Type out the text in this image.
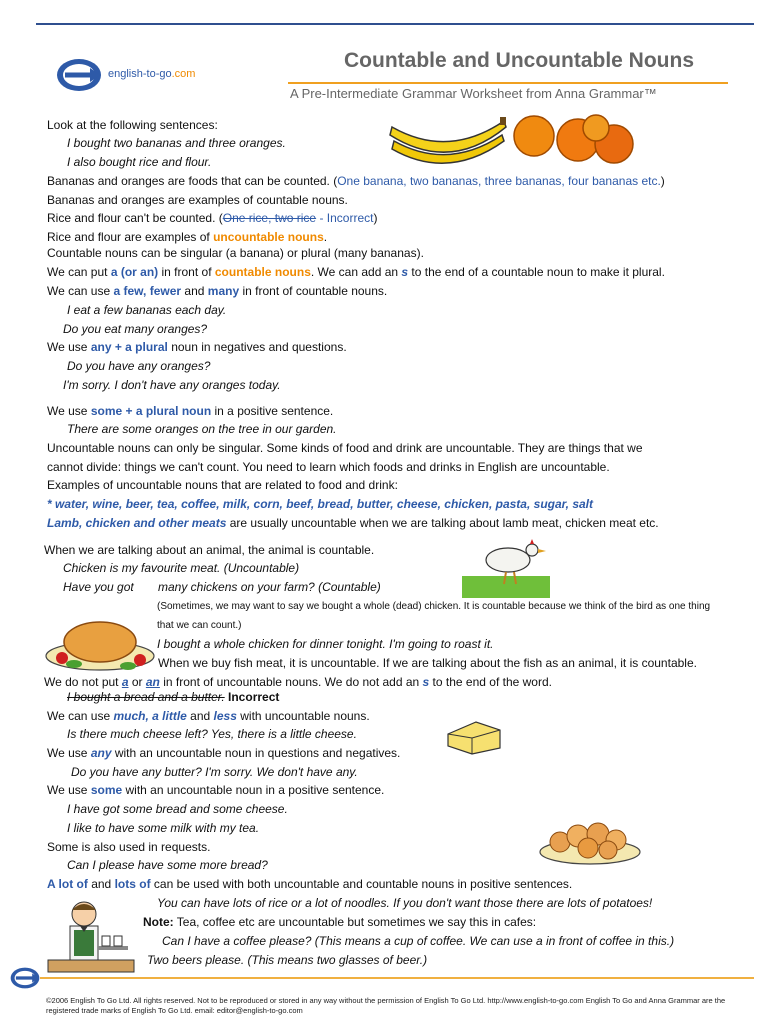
english-to-go.com
Countable and Uncountable Nouns
A Pre-Intermediate Grammar Worksheet from Anna Grammar™
Look at the following sentences:
I bought two bananas and three oranges.
I also bought rice and flour.
Bananas and oranges are foods that can be counted. (One banana, two bananas, three bananas, four bananas etc.)
Bananas and oranges are examples of countable nouns.
Rice and flour can't be counted. (One rice, two rice - Incorrect)
Rice and flour are examples of uncountable nouns.
Countable nouns can be singular (a banana) or plural (many bananas).
We can put a (or an) in front of countable nouns. We can add an s to the end of a countable noun to make it plural.
We can use a few, fewer and many in front of countable nouns.
I eat a few bananas each day.
Do you eat many oranges?
We use any + a plural noun in negatives and questions.
Do you have any oranges?
I'm sorry. I don't have any oranges today.
We use some + a plural noun in a positive sentence.
There are some oranges on the tree in our garden.
Uncountable nouns can only be singular. Some kinds of food and drink are uncountable. They are things that we
cannot divide: things we can't count. You need to learn which foods and drinks in English are uncountable.
Examples of uncountable nouns that are related to food and drink:
* water, wine, beer, tea, coffee, milk, corn, beef, bread, butter, cheese, chicken, pasta, sugar, salt
Lamb, chicken and other meats are usually uncountable when we are talking about lamb meat, chicken meat etc.
When we are talking about an animal, the animal is countable.
Chicken is my favourite meat. (Uncountable)
Have you got many chickens on your farm? (Countable)
(Sometimes, we may want to say we bought a whole (dead) chicken. It is countable because we think of the bird as one thing
that we can count.)
I bought a whole chicken for dinner tonight. I'm going to roast it.
When we buy fish meat, it is uncountable. If we are talking about the fish as an animal, it is countable.
We do not put a or an in front of uncountable nouns. We do not add an s to the end of the word.
I bought a bread and a butter. Incorrect
We can use much, a little and less with uncountable nouns.
Is there much cheese left? Yes, there is a little cheese.
We use any with an uncountable noun in questions and negatives.
Do you have any butter? I'm sorry. We don't have any.
We use some with an uncountable noun in a positive sentence.
I have got some bread and some cheese.
I like to have some milk with my tea.
Some is also used in requests.
Can I please have some more bread?
A lot of and lots of can be used with both uncountable and countable nouns in positive sentences.
You can have lots of rice or a lot of noodles. If you don't want those there are lots of potatoes!
Note: Tea, coffee etc are uncountable but sometimes we say this in cafes:
Can I have a coffee please? (This means a cup of coffee. We can use a in front of coffee in this.)
Two beers please. (This means two glasses of beer.)
©2006 English To Go Ltd. All rights reserved. Not to be reproduced or stored in any way without the permission of English To Go Ltd. http://www.english-to-go.com English To Go and Anna Grammar are the registered trade marks of English To Go Ltd. email: editor@english-to-go.com
